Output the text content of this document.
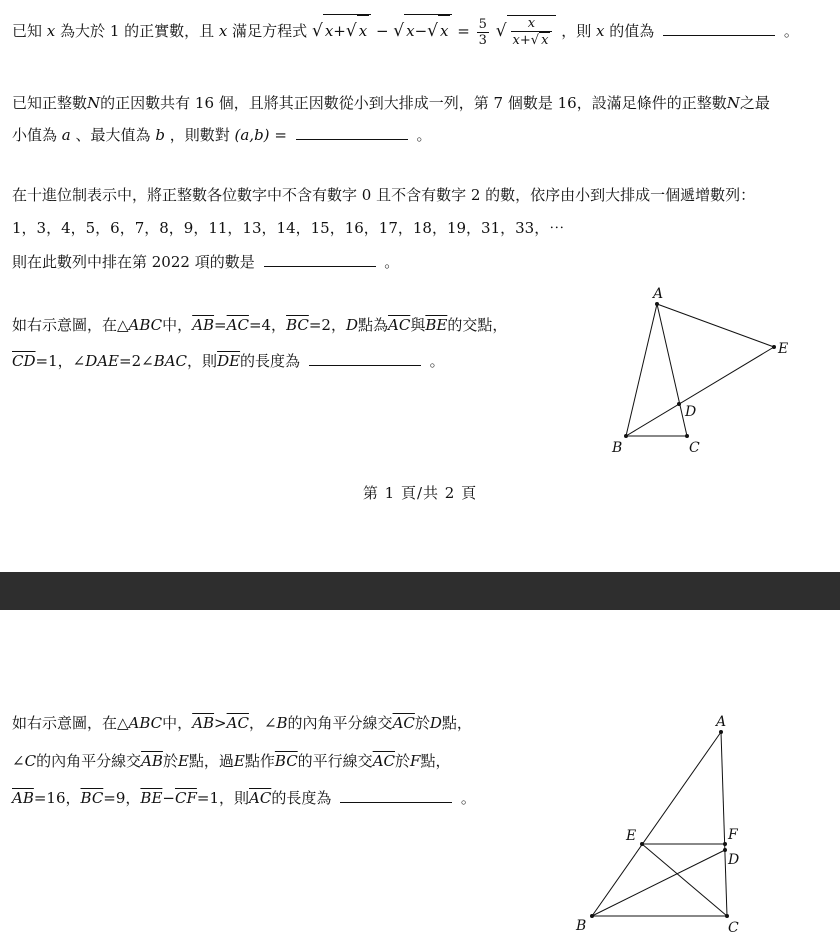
已知 x 為大於 1 的正實數，且 x 滿足方程式 √ x+√ x − √ x−√ $x = \frac{5}{3}$ √ $\frac{x}{x+√ x}$ ，則 x 的值為	。
已知正整數N的正因數共有 16 個，且將其正因數從小到大排成一列，第 7 個數是 16，設滿足條件的正整數N之最
小值為 a 、最大值為 b ，則數對 (a,b) =	。
在十進位制表示中，將正整數各位數字中不含有數字 0 且不含有數字 2 的數，依序由小到大排成一個遞增數列：
1，3，4，5，6，7，8，9，11，13，14，15，16，17，18，19，31，33，⋯
則在此數列中排在第 2022 項的數是	。
如右示意圖，在△ABC中，$\overline{AB}=\overline{AC}=4$，$\overline{BC}=2$，D點為$\overline{AC}$與$\overline{BE}$的交點，
$\overline{CD}=1$，∠DAE=2∠BAC，則$\overline{DE}$的長度為	。
A
B	C
D
E
第 1 頁/共 2 頁
如右示意圖，在△ABC中，$\overline{AB}>\overline{AC}$，∠B的內角平分線交$\overline{AC}$於D點，
∠C的內角平分線交$\overline{AB}$於E點，過E點作$\overline{BC}$的平行線交$\overline{AC}$於F點，
$\overline{AB}=16$，$\overline{BC}=9$，$\overline{BE}-\overline{CF}=1$，則$\overline{AC}$的長度為	。
A
B	C
D
E	F
